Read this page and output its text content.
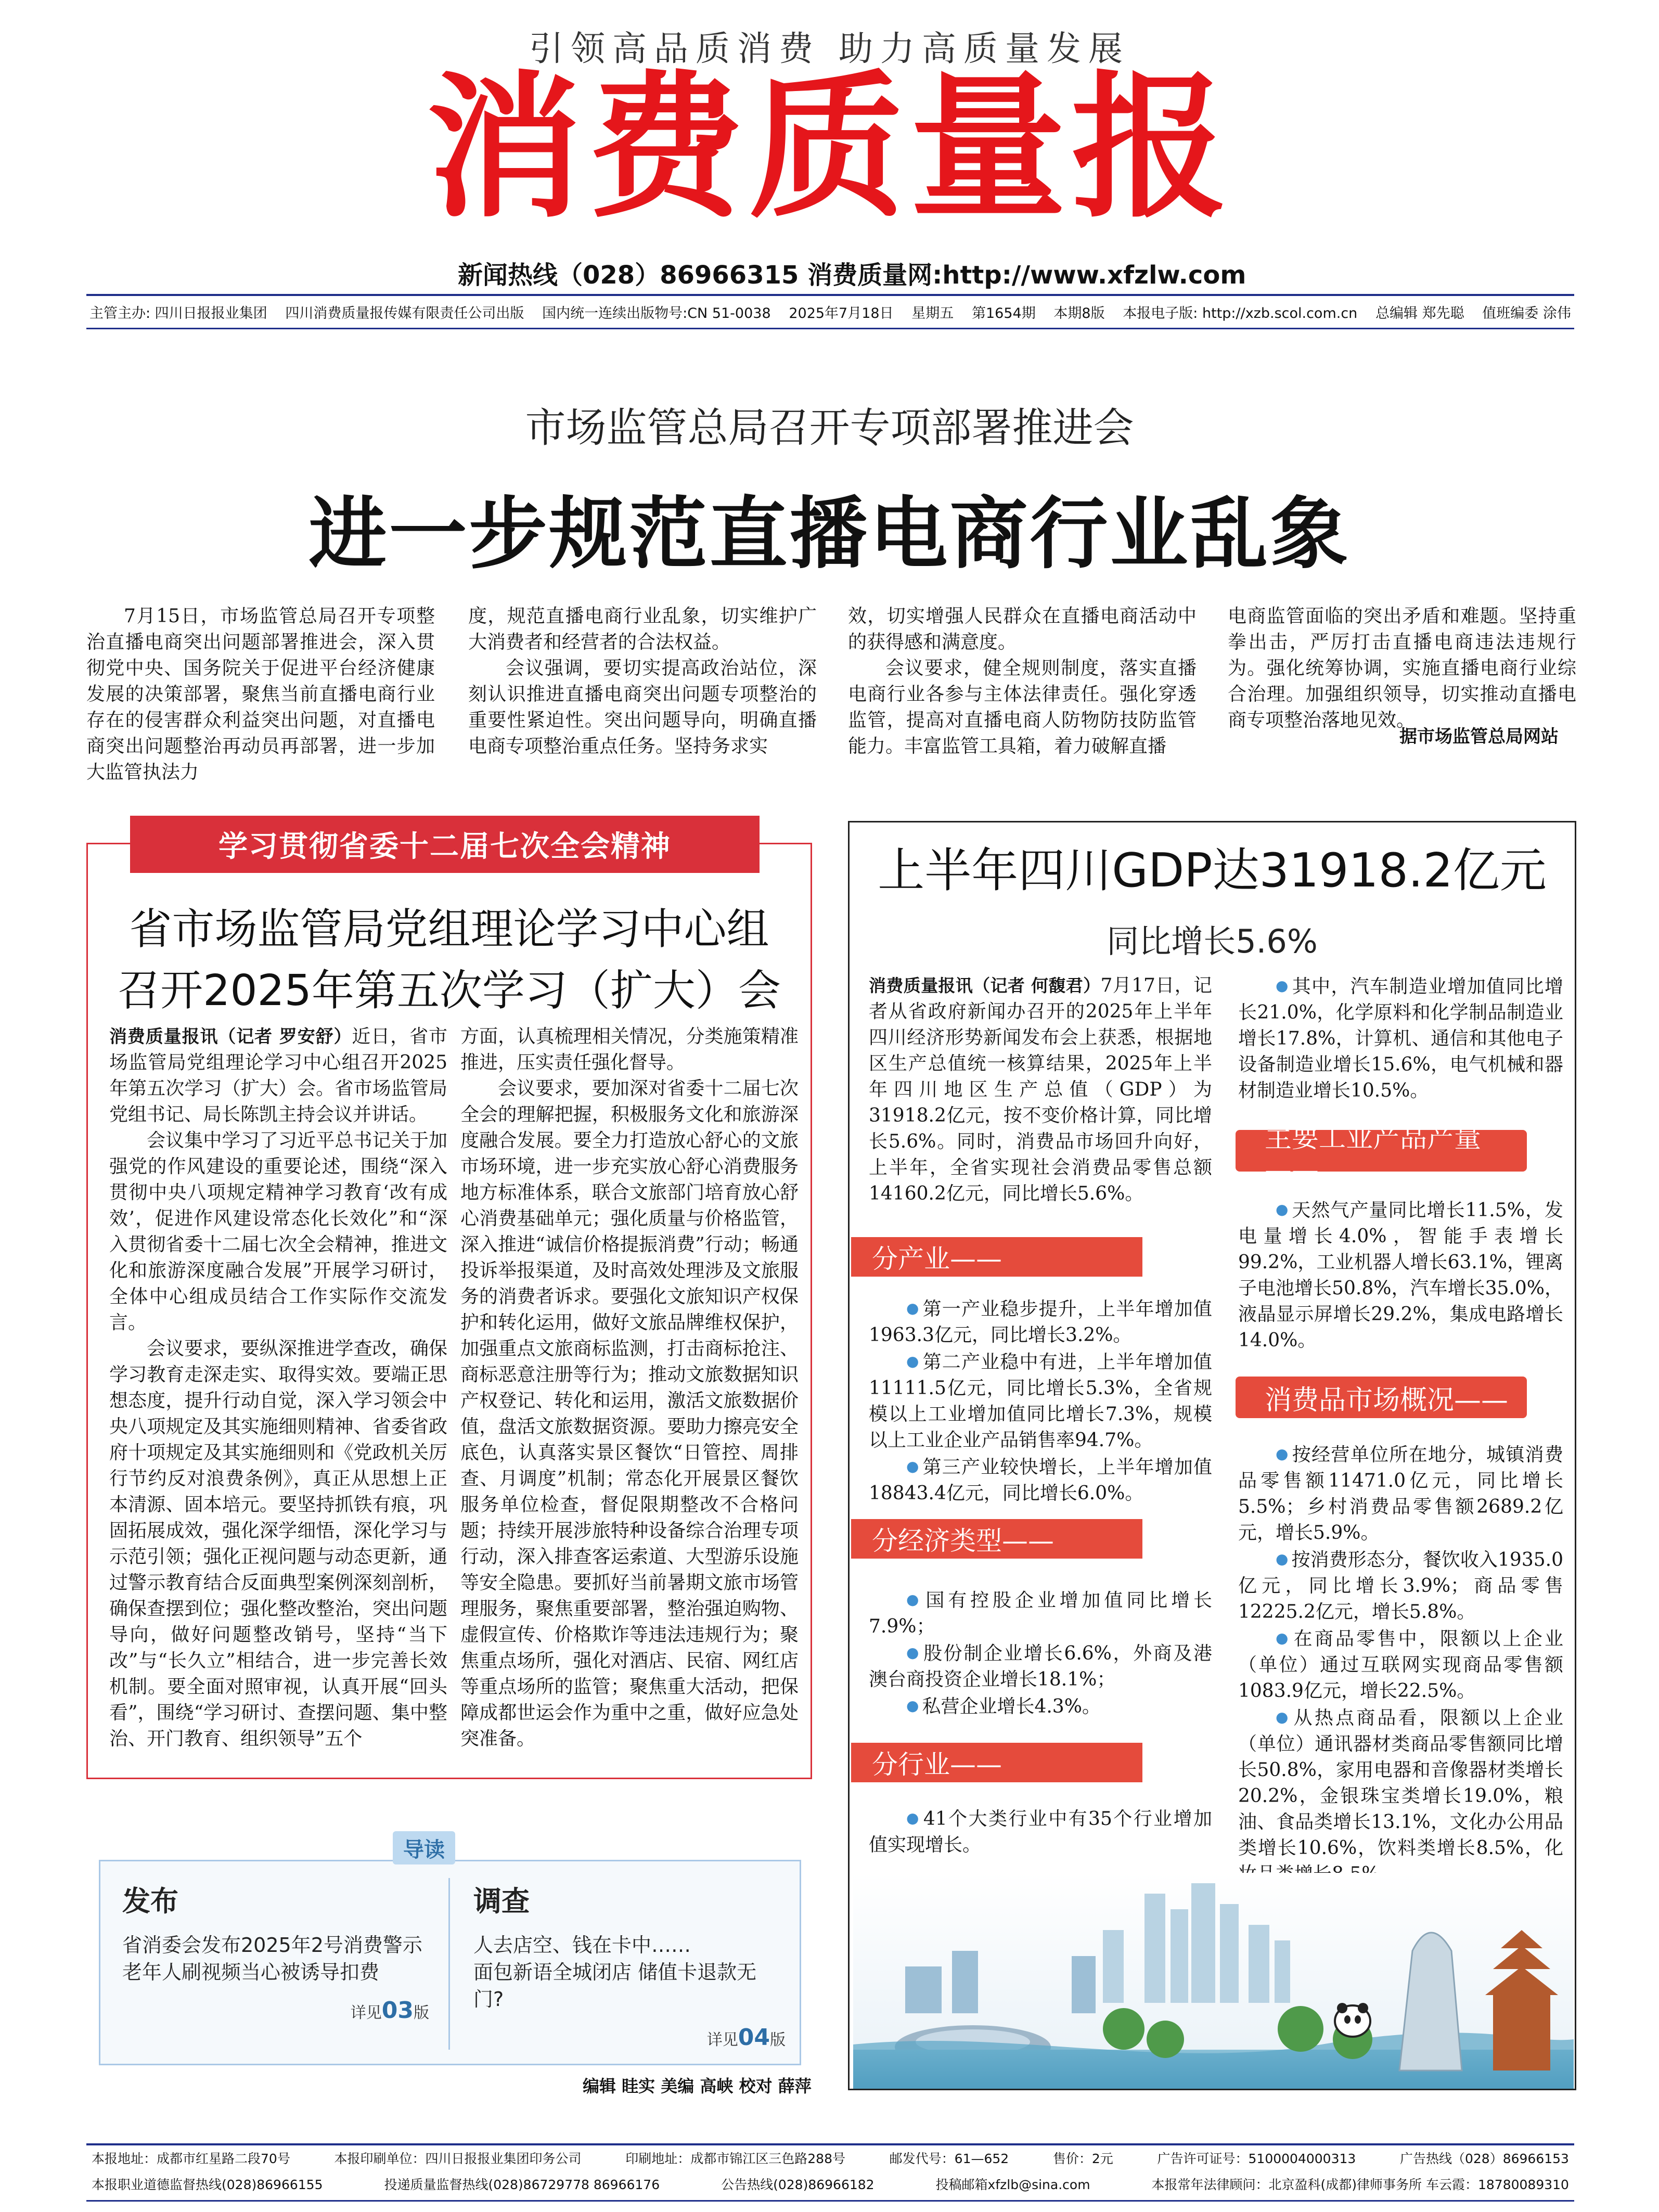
引领高品质消费 助力高质量发展
消费质量报
新闻热线（028）86966315 消费质量网:http://www.xfzlw.com
主管主办: 四川日报报业集团 四川消费质量报传媒有限责任公司出版 国内统一连续出版物号:CN 51-0038 2025年7月18日 星期五 第1654期 本期8版 本报电子版: http://xzb.scol.com.cn 总编辑 郑先聪 值班编委 涂伟
市场监管总局召开专项部署推进会
进一步规范直播电商行业乱象

7月15日，市场监管总局召开专项整治直播电商突出问题部署推进会，深入贯彻党中央、国务院关于促进平台经济健康发展的决策部署，聚焦当前直播电商行业存在的侵害群众利益突出问题，对直播电商突出问题整治再动员再部署，进一步加大监管执法力

度，规范直播电商行业乱象，切实维护广大消费者和经营者的合法权益。

会议强调，要切实提高政治站位，深刻认识推进直播电商突出问题专项整治的重要性紧迫性。突出问题导向，明确直播电商专项整治重点任务。坚持务求实

效，切实增强人民群众在直播电商活动中的获得感和满意度。

会议要求，健全规则制度，落实直播电商行业各参与主体法律责任。强化穿透监管，提高对直播电商人防物防技防监管能力。丰富监管工具箱，着力破解直播

电商监管面临的突出矛盾和难题。坚持重拳出击，严厉打击直播电商违法违规行为。强化统筹协调，实施直播电商行业综合治理。加强组织领导，切实推动直播电商专项整治落地见效。

据市场监管总局网站
学习贯彻省委十二届七次全会精神
省市场监管局党组理论学习中心组
召开2025年第五次学习（扩大）会

消费质量报讯（记者 罗安舒）近日，省市场监管局党组理论学习中心组召开2025年第五次学习（扩大）会。省市场监管局党组书记、局长陈凯主持会议并讲话。

会议集中学习了习近平总书记关于加强党的作风建设的重要论述，围绕“深入贯彻中央八项规定精神学习教育‘改有成效’，促进作风建设常态化长效化”和“深入贯彻省委十二届七次全会精神，推进文化和旅游深度融合发展”开展学习研讨，全体中心组成员结合工作实际作交流发言。

会议要求，要纵深推进学查改，确保学习教育走深走实、取得实效。要端正思想态度，提升行动自觉，深入学习领会中央八项规定及其实施细则精神、省委省政府十项规定及其实施细则和《党政机关厉行节约反对浪费条例》，真正从思想上正本清源、固本培元。要坚持抓铁有痕，巩固拓展成效，强化深学细悟，深化学习与示范引领；强化正视问题与动态更新，通过警示教育结合反面典型案例深刻剖析，确保查摆到位；强化整改整治，突出问题导向，做好问题整改销号，坚持“当下改”与“长久立”相结合，进一步完善长效机制。要全面对照审视，认真开展“回头看”，围绕“学习研讨、查摆问题、集中整治、开门教育、组织领导”五个

方面，认真梳理相关情况，分类施策精准推进，压实责任强化督导。

会议要求，要加深对省委十二届七次全会的理解把握，积极服务文化和旅游深度融合发展。要全力打造放心舒心的文旅市场环境，进一步充实放心舒心消费服务地方标准体系，联合文旅部门培育放心舒心消费基础单元；强化质量与价格监管，深入推进“诚信价格提振消费”行动；畅通投诉举报渠道，及时高效处理涉及文旅服务的消费者诉求。要强化文旅知识产权保护和转化运用，做好文旅品牌维权保护，加强重点文旅商标监测，打击商标抢注、商标恶意注册等行为；推动文旅数据知识产权登记、转化和运用，激活文旅数据价值，盘活文旅数据资源。要助力擦亮安全底色，认真落实景区餐饮“日管控、周排查、月调度”机制；常态化开展景区餐饮服务单位检查，督促限期整改不合格问题；持续开展涉旅特种设备综合治理专项行动，深入排查客运索道、大型游乐设施等安全隐患。要抓好当前暑期文旅市场管理服务，聚焦重要部署，整治强迫购物、虚假宣传、价格欺诈等违法违规行为；聚焦重点场所，强化对酒店、民宿、网红店等重点场所的监管；聚焦重大活动，把保障成都世运会作为重中之重，做好应急处突准备。

导读
发布
省消委会发布2025年2号消费警示
老年人刷视频当心被诱导扣费
详见03版
调查
人去店空、钱在卡中……
面包新语全城闭店 储值卡退款无门?
详见04版
上半年四川GDP达31918.2亿元
同比增长5.6%

消费质量报讯（记者 何馥君）7月17日，记者从省政府新闻办召开的2025年上半年四川经济形势新闻发布会上获悉，根据地区生产总值统一核算结果，2025年上半年四川地区生产总值（GDP）为31918.2亿元，按不变价格计算，同比增长5.6%。同时，消费品市场回升向好，上半年，全省实现社会消费品零售总额14160.2亿元，同比增长5.6%。

分产业——

● 第一产业稳步提升，上半年增加值1963.3亿元，同比增长3.2%。

● 第二产业稳中有进，上半年增加值11111.5亿元，同比增长5.3%，全省规模以上工业增加值同比增长7.3%，规模以上工业企业产品销售率94.7%。

● 第三产业较快增长，上半年增加值18843.4亿元，同比增长6.0%。

分经济类型——

● 国有控股企业增加值同比增长7.9%；

● 股份制企业增长6.6%，外商及港澳台商投资企业增长18.1%；

● 私营企业增长4.3%。

分行业——

● 41个大类行业中有35个行业增加值实现增长。

● 其中，汽车制造业增加值同比增长21.0%，化学原料和化学制品制造业增长17.8%，计算机、通信和其他电子设备制造业增长15.6%，电气机械和器材制造业增长10.5%。

主要工业产品产量——

● 天然气产量同比增长11.5%，发电量增长4.0%，智能手表增长99.2%，工业机器人增长63.1%，锂离子电池增长50.8%，汽车增长35.0%，液晶显示屏增长29.2%，集成电路增长14.0%。

消费品市场概况——

● 按经营单位所在地分，城镇消费品零售额11471.0亿元，同比增长5.5%；乡村消费品零售额2689.2亿元，增长5.9%。

● 按消费形态分，餐饮收入1935.0亿元，同比增长3.9%；商品零售12225.2亿元，增长5.8%。

● 在商品零售中，限额以上企业（单位）通过互联网实现商品零售额1083.9亿元，增长22.5%。

● 从热点商品看，限额以上企业（单位）通讯器材类商品零售额同比增长50.8%，家用电器和音像器材类增长20.2%，金银珠宝类增长19.0%，粮油、食品类增长13.1%，文化办公用品类增长10.6%，饮料类增长8.5%，化

编辑 眭实 美编 高峡 校对 薛萍
本报地址：成都市红星路二段70号	本报印刷单位：四川日报报业集团印务公司	印刷地址：成都市锦江区三色路288号	邮发代号：61—652	售价：2元	广告许可证号：5100004000313	广告热线（028）86966153
本报职业道德监督热线(028)86966155	投递质量监督热线(028)86729778 86966176	公告热线(028)86966182	投稿邮箱xfzlb@sina.com	本报常年法律顾问：北京盈科(成都)律师事务所 车云霞：18780089310
